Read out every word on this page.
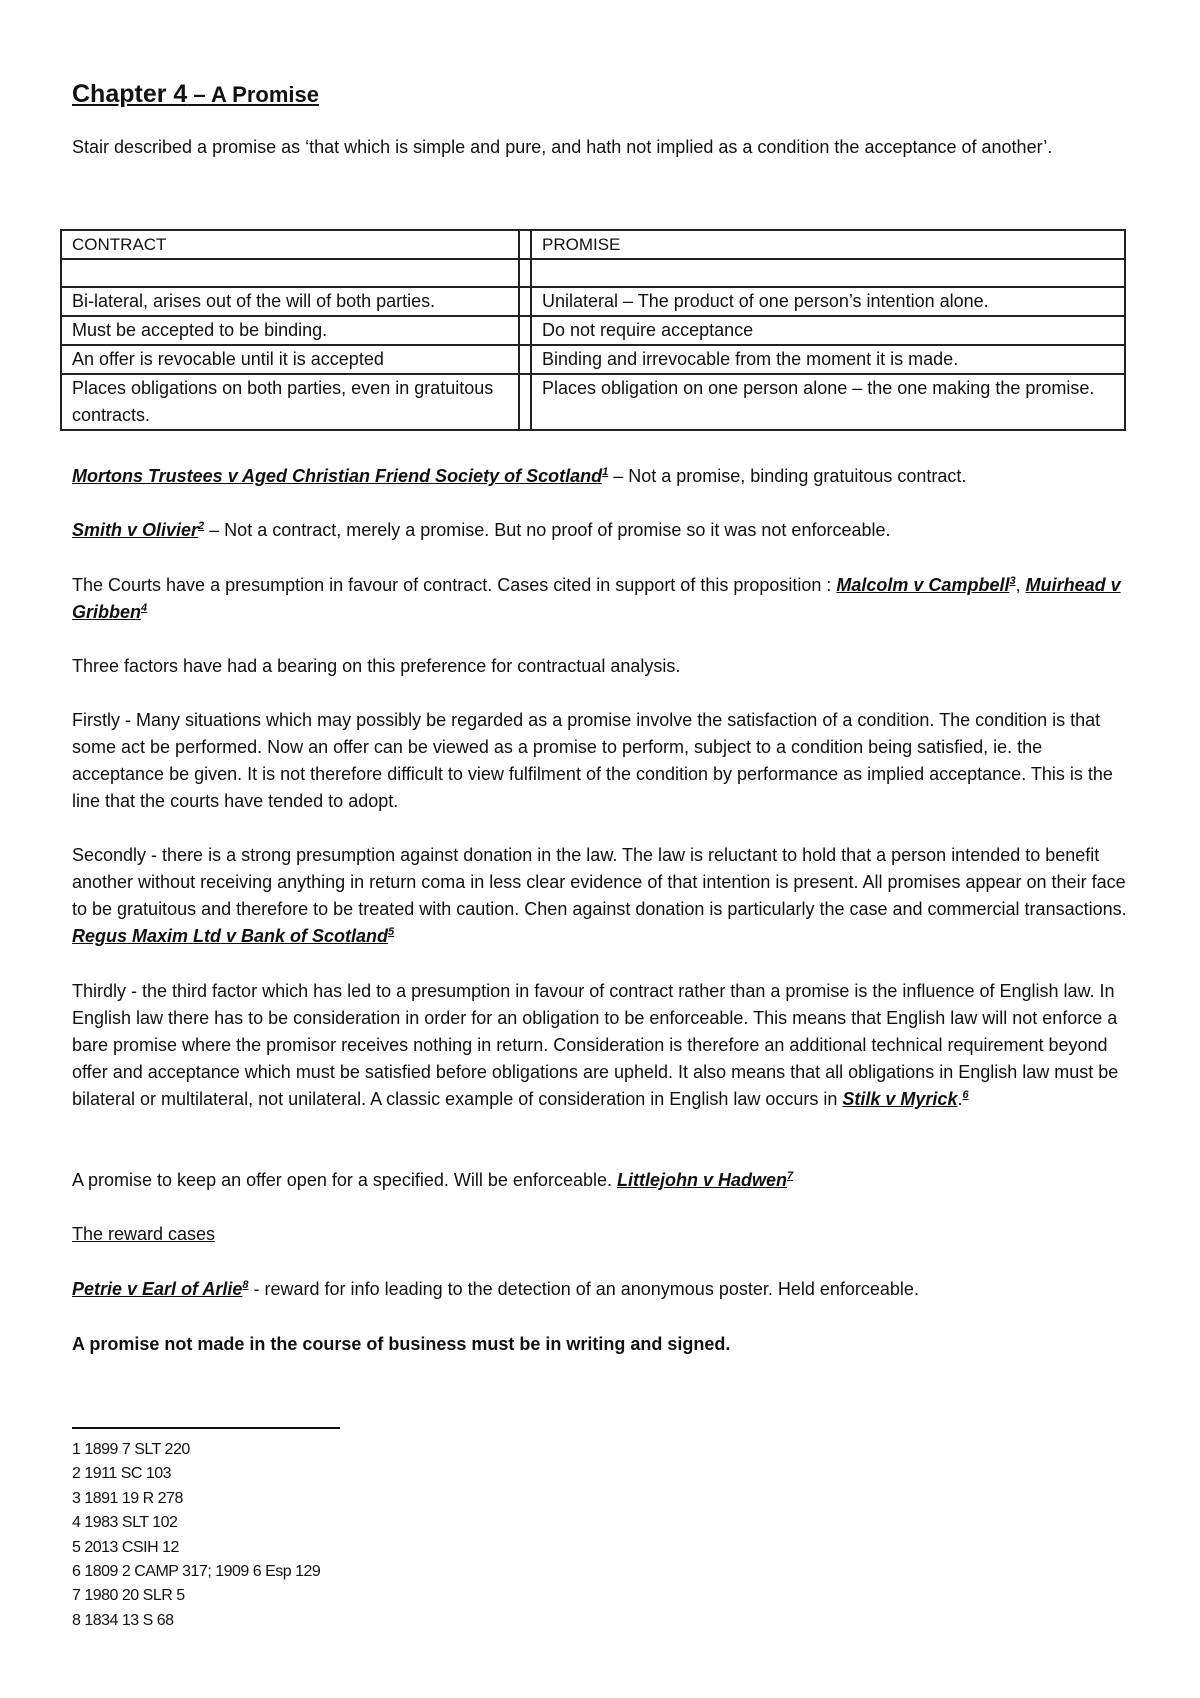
Chapter 4 – A Promise

Stair described a promise as ‘that which is simple and pure, and hath not implied as a condition the acceptance of another’.

CONTRACT		PROMISE

Bi-lateral, arises out of the will of both parties.		Unilateral – The product of one person’s intention alone.
Must be accepted to be binding.		Do not require acceptance
An offer is revocable until it is accepted		Binding and irrevocable from the moment it is made.
Places obligations on both parties, even in gratuitous contracts.		Places obligation on one person alone – the one making the promise.

Mortons Trustees v Aged Christian Friend Society of Scotland$^1$ – Not a promise, binding gratuitous contract.

Smith v Olivier$^2$ – Not a contract, merely a promise. But no proof of promise so it was not enforceable.

The Courts have a presumption in favour of contract. Cases cited in support of this proposition : Malcolm v Campbell$^3$, Muirhead v Gribben$^4$

Three factors have had a bearing on this preference for contractual analysis.

Firstly - Many situations which may possibly be regarded as a promise involve the satisfaction of a condition. The condition is that some act be performed. Now an offer can be viewed as a promise to perform, subject to a condition being satisfied, ie. the acceptance be given. It is not therefore difficult to view fulfilment of the condition by performance as implied acceptance. This is the line that the courts have tended to adopt.

Secondly - there is a strong presumption against donation in the law. The law is reluctant to hold that a person intended to benefit another without receiving anything in return coma in less clear evidence of that intention is present. All promises appear on their face to be gratuitous and therefore to be treated with caution. Chen against donation is particularly the case and commercial transactions. Regus Maxim Ltd v Bank of Scotland$^5$

Thirdly - the third factor which has led to a presumption in favour of contract rather than a promise is the influence of English law. In English law there has to be consideration in order for an obligation to be enforceable. This means that English law will not enforce a bare promise where the promisor receives nothing in return. Consideration is therefore an additional technical requirement beyond offer and acceptance which must be satisfied before obligations are upheld. It also means that all obligations in English law must be bilateral or multilateral, not unilateral. A classic example of consideration in English law occurs in Stilk v Myrick.$^6$

A promise to keep an offer open for a specified. Will be enforceable. Littlejohn v Hadwen$^7$

The reward cases

Petrie v Earl of Arlie$^8$ - reward for info leading to the detection of an anonymous poster. Held enforceable.

A promise not made in the course of business must be in writing and signed.

1 1899 7 SLT 220
2 1911 SC 103
3 1891 19 R 278
4 1983 SLT 102
5 2013 CSIH 12
6 1809 2 CAMP 317; 1909 6 Esp 129
7 1980 20 SLR 5
8 1834 13 S 68
